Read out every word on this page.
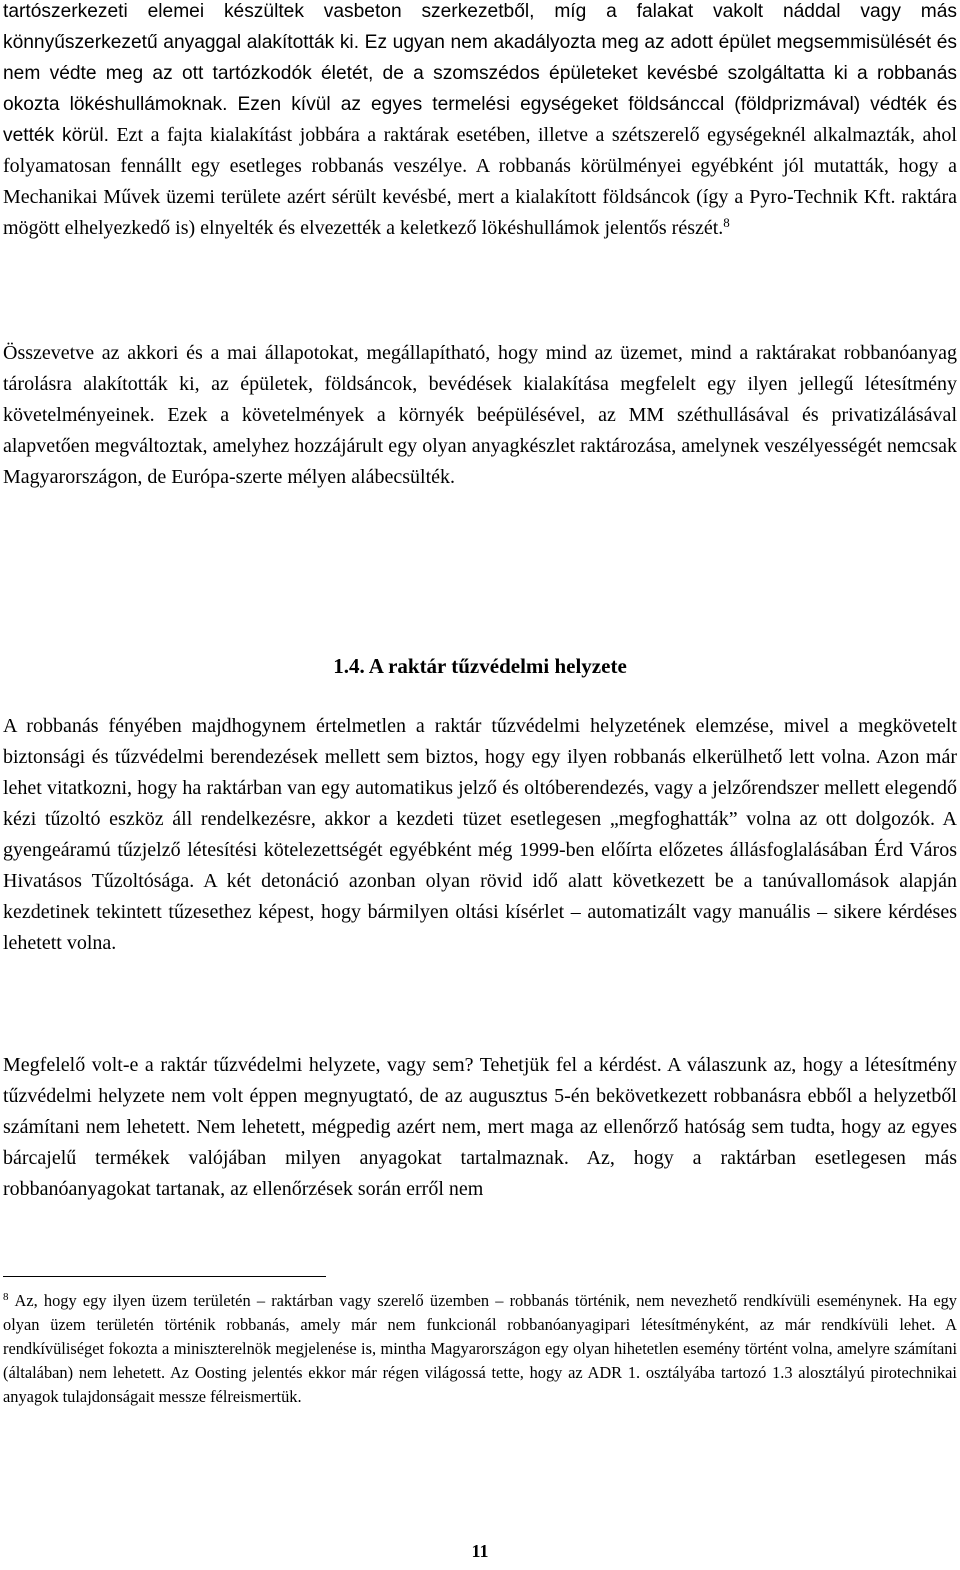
tartószerkezeti elemei készültek vasbeton szerkezetből, míg a falakat vakolt náddal vagy más könnyűszerkezetű anyaggal alakították ki. Ez ugyan nem akadályozta meg az adott épület megsemmisülését és nem védte meg az ott tartózkodók életét, de a szomszédos épületeket kevésbé szolgáltatta ki a robbanás okozta lökéshullámoknak. Ezen kívül az egyes termelési egységeket földsánccal (földprizmával) védték és vették körül. Ezt a fajta kialakítást jobbára a raktárak esetében, illetve a szétszerelő egységeknél alkalmazták, ahol folyamatosan fennállt egy esetleges robbanás veszélye. A robbanás körülményei egyébként jól mutatták, hogy a Mechanikai Művek üzemi területe azért sérült kevésbé, mert a kialakított földsáncok (így a Pyro-Technik Kft. raktára mögött elhelyezkedő is) elnyelték és elvezették a keletkező lökéshullámok jelentős részét.$^8$

Összevetve az akkori és a mai állapotokat, megállapítható, hogy mind az üzemet, mind a raktárakat robbanóanyag tárolásra alakították ki, az épületek, földsáncok, bevédések kialakítása megfelelt egy ilyen jellegű létesítmény követelményeinek. Ezek a követelmények a környék beépülésével, az MM széthullásával és privatizálásával alapvetően megváltoztak, amelyhez hozzájárult egy olyan anyagkészlet raktározása, amelynek veszélyességét nemcsak Magyarországon, de Európa-szerte mélyen alábecsülték.

1.4. A raktár tűzvédelmi helyzete

A robbanás fényében majdhogynem értelmetlen a raktár tűzvédelmi helyzetének elemzése, mivel a megkövetelt biztonsági és tűzvédelmi berendezések mellett sem biztos, hogy egy ilyen robbanás elkerülhető lett volna. Azon már lehet vitatkozni, hogy ha raktárban van egy automatikus jelző és oltóberendezés, vagy a jelzőrendszer mellett elegendő kézi tűzoltó eszköz áll rendelkezésre, akkor a kezdeti tüzet esetlegesen „megfoghatták” volna az ott dolgozók. A gyengeáramú tűzjelző létesítési kötelezettségét egyébként még 1999-ben előírta előzetes állásfoglalásában Érd Város Hivatásos Tűzoltósága. A két detonáció azonban olyan rövid idő alatt következett be a tanúvallomások alapján kezdetinek tekintett tűzesethez képest, hogy bármilyen oltási kísérlet – automatizált vagy manuális – sikere kérdéses lehetett volna.

Megfelelő volt-e a raktár tűzvédelmi helyzete, vagy sem? Tehetjük fel a kérdést. A válaszunk az, hogy a létesítmény tűzvédelmi helyzete nem volt éppen megnyugtató, de az augusztus 5-én bekövetkezett robbanásra ebből a helyzetből számítani nem lehetett. Nem lehetett, mégpedig azért nem, mert maga az ellenőrző hatóság sem tudta, hogy az egyes bárcajelű termékek valójában milyen anyagokat tartalmaznak. Az, hogy a raktárban esetlegesen más robbanóanyagokat tartanak, az ellenőrzések során erről nem

$^8$ Az, hogy egy ilyen üzem területén – raktárban vagy szerelő üzemben – robbanás történik, nem nevezhető rendkívüli eseménynek. Ha egy olyan üzem területén történik robbanás, amely már nem funkcionál robbanóanyagipari létesítményként, az már rendkívüli lehet. A rendkívüliséget fokozta a miniszterelnök megjelenése is, mintha Magyarországon egy olyan hihetetlen esemény történt volna, amelyre számítani (általában) nem lehetett. Az Oosting jelentés ekkor már régen világossá tette, hogy az ADR 1. osztályába tartozó 1.3 alosztályú pirotechnikai anyagok tulajdonságait messze félreismertük.

11
